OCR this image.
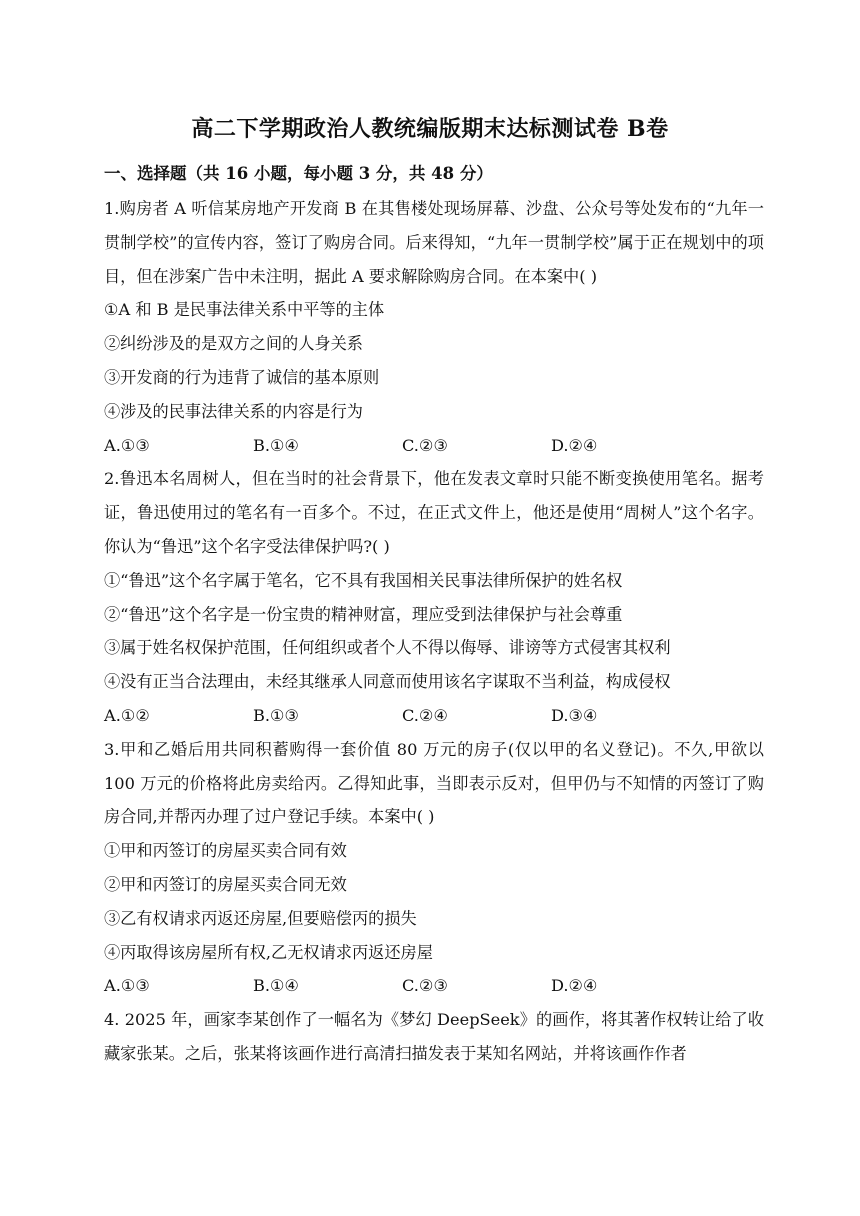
高二下学期政治人教统编版期末达标测试卷 B卷
一、选择题（共 16 小题，每小题 3 分，共 48 分）
1.购房者 A 听信某房地产开发商 B 在其售楼处现场屏幕、沙盘、公众号等处发布的“九年一贯制学校”的宣传内容，签订了购房合同。后来得知，“九年一贯制学校”属于正在规划中的项目，但在涉案广告中未注明，据此 A 要求解除购房合同。在本案中( )
①A 和 B 是民事法律关系中平等的主体
②纠纷涉及的是双方之间的人身关系
③开发商的行为违背了诚信的基本原则
④涉及的民事法律关系的内容是行为
A.①③	B.①④	C.②③	D.②④
2.鲁迅本名周树人，但在当时的社会背景下，他在发表文章时只能不断变换使用笔名。据考证，鲁迅使用过的笔名有一百多个。不过，在正式文件上，他还是使用“周树人”这个名字。你认为“鲁迅”这个名字受法律保护吗?( )
①“鲁迅”这个名字属于笔名，它不具有我国相关民事法律所保护的姓名权
②“鲁迅”这个名字是一份宝贵的精神财富，理应受到法律保护与社会尊重
③属于姓名权保护范围，任何组织或者个人不得以侮辱、诽谤等方式侵害其权利
④没有正当合法理由，未经其继承人同意而使用该名字谋取不当利益，构成侵权
A.①②	B.①③	C.②④	D.③④
3.甲和乙婚后用共同积蓄购得一套价值 80 万元的房子(仅以甲的名义登记)。不久,甲欲以 100 万元的价格将此房卖给丙。乙得知此事，当即表示反对，但甲仍与不知情的丙签订了购房合同,并帮丙办理了过户登记手续。本案中( )
①甲和丙签订的房屋买卖合同有效
②甲和丙签订的房屋买卖合同无效
③乙有权请求丙返还房屋,但要赔偿丙的损失
④丙取得该房屋所有权,乙无权请求丙返还房屋
A.①③	B.①④	C.②③	D.②④
4. 2025 年，画家李某创作了一幅名为《梦幻 DeepSeek》的画作，将其著作权转让给了收藏家张某。之后，张某将该画作进行高清扫描发表于某知名网站，并将该画作作者
